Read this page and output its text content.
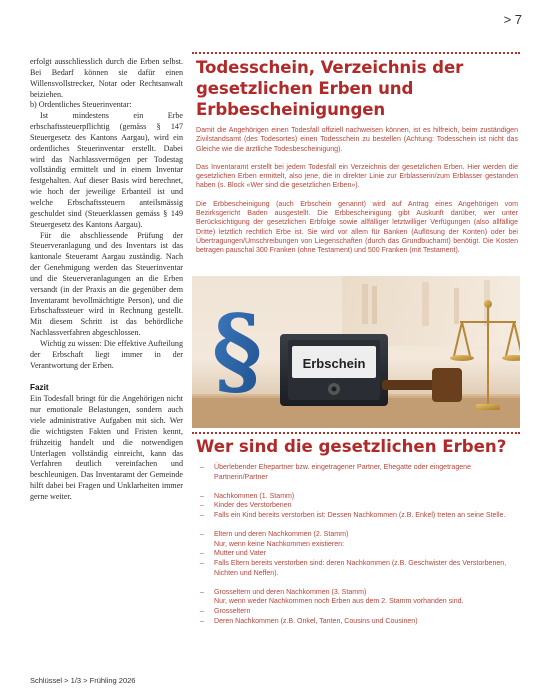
> 7

erfolgt ausschliesslich durch die Erben selbst. Bei Bedarf können sie dafür einen Willensvollstrecker, Notar oder Rechtsanwalt beiziehen.

b) Ordentliches Steuerinventar:

Ist mindestens ein Erbe erbschaftssteuerpflichtig (gemäss § 147 Steuergesetz des Kantons Aargau), wird ein ordentliches Steuerinventar erstellt. Dabei wird das Nachlassvermögen per Todestag vollständig ermittelt und in einem Inventar festgehalten. Auf dieser Basis wird berechnet, wie hoch der jeweilige Erbanteil ist und welche Erbschaftssteuern anteilsmässig geschuldet sind (Steuerklassen gemäss § 149 Steuergesetz des Kantons Aargau).

Für die abschliessende Prüfung der Steuerveranlagung und des Inventars ist das kantonale Steueramt Aargau zuständig. Nach der Genehmigung werden das Steuerinventar und die Steuerveranlagungen an die Erben versandt (in der Praxis an die gegenüber dem Inventaramt bevollmächtigte Person), und die Erbschaftssteuer wird in Rechnung gestellt. Mit diesem Schritt ist das behördliche Nachlassverfahren abgeschlossen.

Wichtig zu wissen: Die effektive Aufteilung der Erbschaft liegt immer in der Verantwortung der Erben.

Fazit

Ein Todesfall bringt für die Angehörigen nicht nur emotionale Belastungen, sondern auch viele administrative Aufgaben mit sich. Wer die wichtigsten Fakten und Fristen kennt, frühzeitig handelt und die notwendigen Unterlagen vollständig einreicht, kann das Verfahren deutlich vereinfachen und beschleunigen. Das Inventaramt der Gemeinde hilft dabei bei Fragen und Unklarheiten immer gerne weiter.

Todesschein, Verzeichnis der gesetzlichen Erben und Erbbescheinigungen

Damit die Angehörigen einen Todesfall offiziell nachweisen können, ist es hilfreich, beim zuständigen Zivilstandsamt (des Todesortes) einen Todesschein zu bestellen (Achtung: Todesschein ist nicht das Gleiche wie die ärztliche Todesbescheinigung).

Das Inventaramt erstellt bei jedem Todesfall ein Verzeichnis der gesetzlichen Erben. Hier werden die gesetzlichen Erben ermittelt, also jene, die in direkter Linie zur Erblasserin/zum Erblasser gestanden haben (s. Block «Wer sind die gesetzlichen Erben»).

Die Erbbescheinigung (auch Erbschein genannt) wird auf Antrag eines Angehörigen vom Bezirksgericht Baden ausgestellt. Die Erbbescheinigung gibt Auskunft darüber, wer unter Berücksichtigung der gesetzlichen Erbfolge sowie allfälliger letztwilliger Verfügungen (also allfällige Dritte) letztlich rechtlich Erbe ist. Sie wird vor allem für Banken (Auflösung der Konten) oder bei Übertragungen/Umschreibungen von Liegenschaften (durch das Grundbuchamt) benötigt. Die Kosten betragen pauschal 300 Franken (ohne Testament) und 500 Franken (mit Testament).

§	Erbschein
Wer sind die gesetzlichen Erben?
– Überlebender Ehepartner bzw. eingetragener Partner, Ehegatte oder eingetragene Partnerin/Partner
– Nachkommen (1. Stamm)
– Kinder des Verstorbenen
– Falls ein Kind bereits verstorben ist: Dessen Nachkommen (z.B. Enkel) treten an seine Stelle.
– Eltern und deren Nachkommen (2. Stamm)
Nur, wenn keine Nachkommen existieren:
– Mutter und Vater
– Falls Eltern bereits verstorben sind: deren Nachkommen (z.B. Geschwister des Verstorbenen, Nichten und Neffen).
– Grosseltern und deren Nachkommen (3. Stamm)
Nur, wenn weder Nachkommen noch Erben aus dem 2. Stamm vorhanden sind.
– Grosseltern
– Deren Nachkommen (z.B. Onkel, Tanten, Cousins und Cousinen)
Schlüssel > 1/3 > Frühling 2026
